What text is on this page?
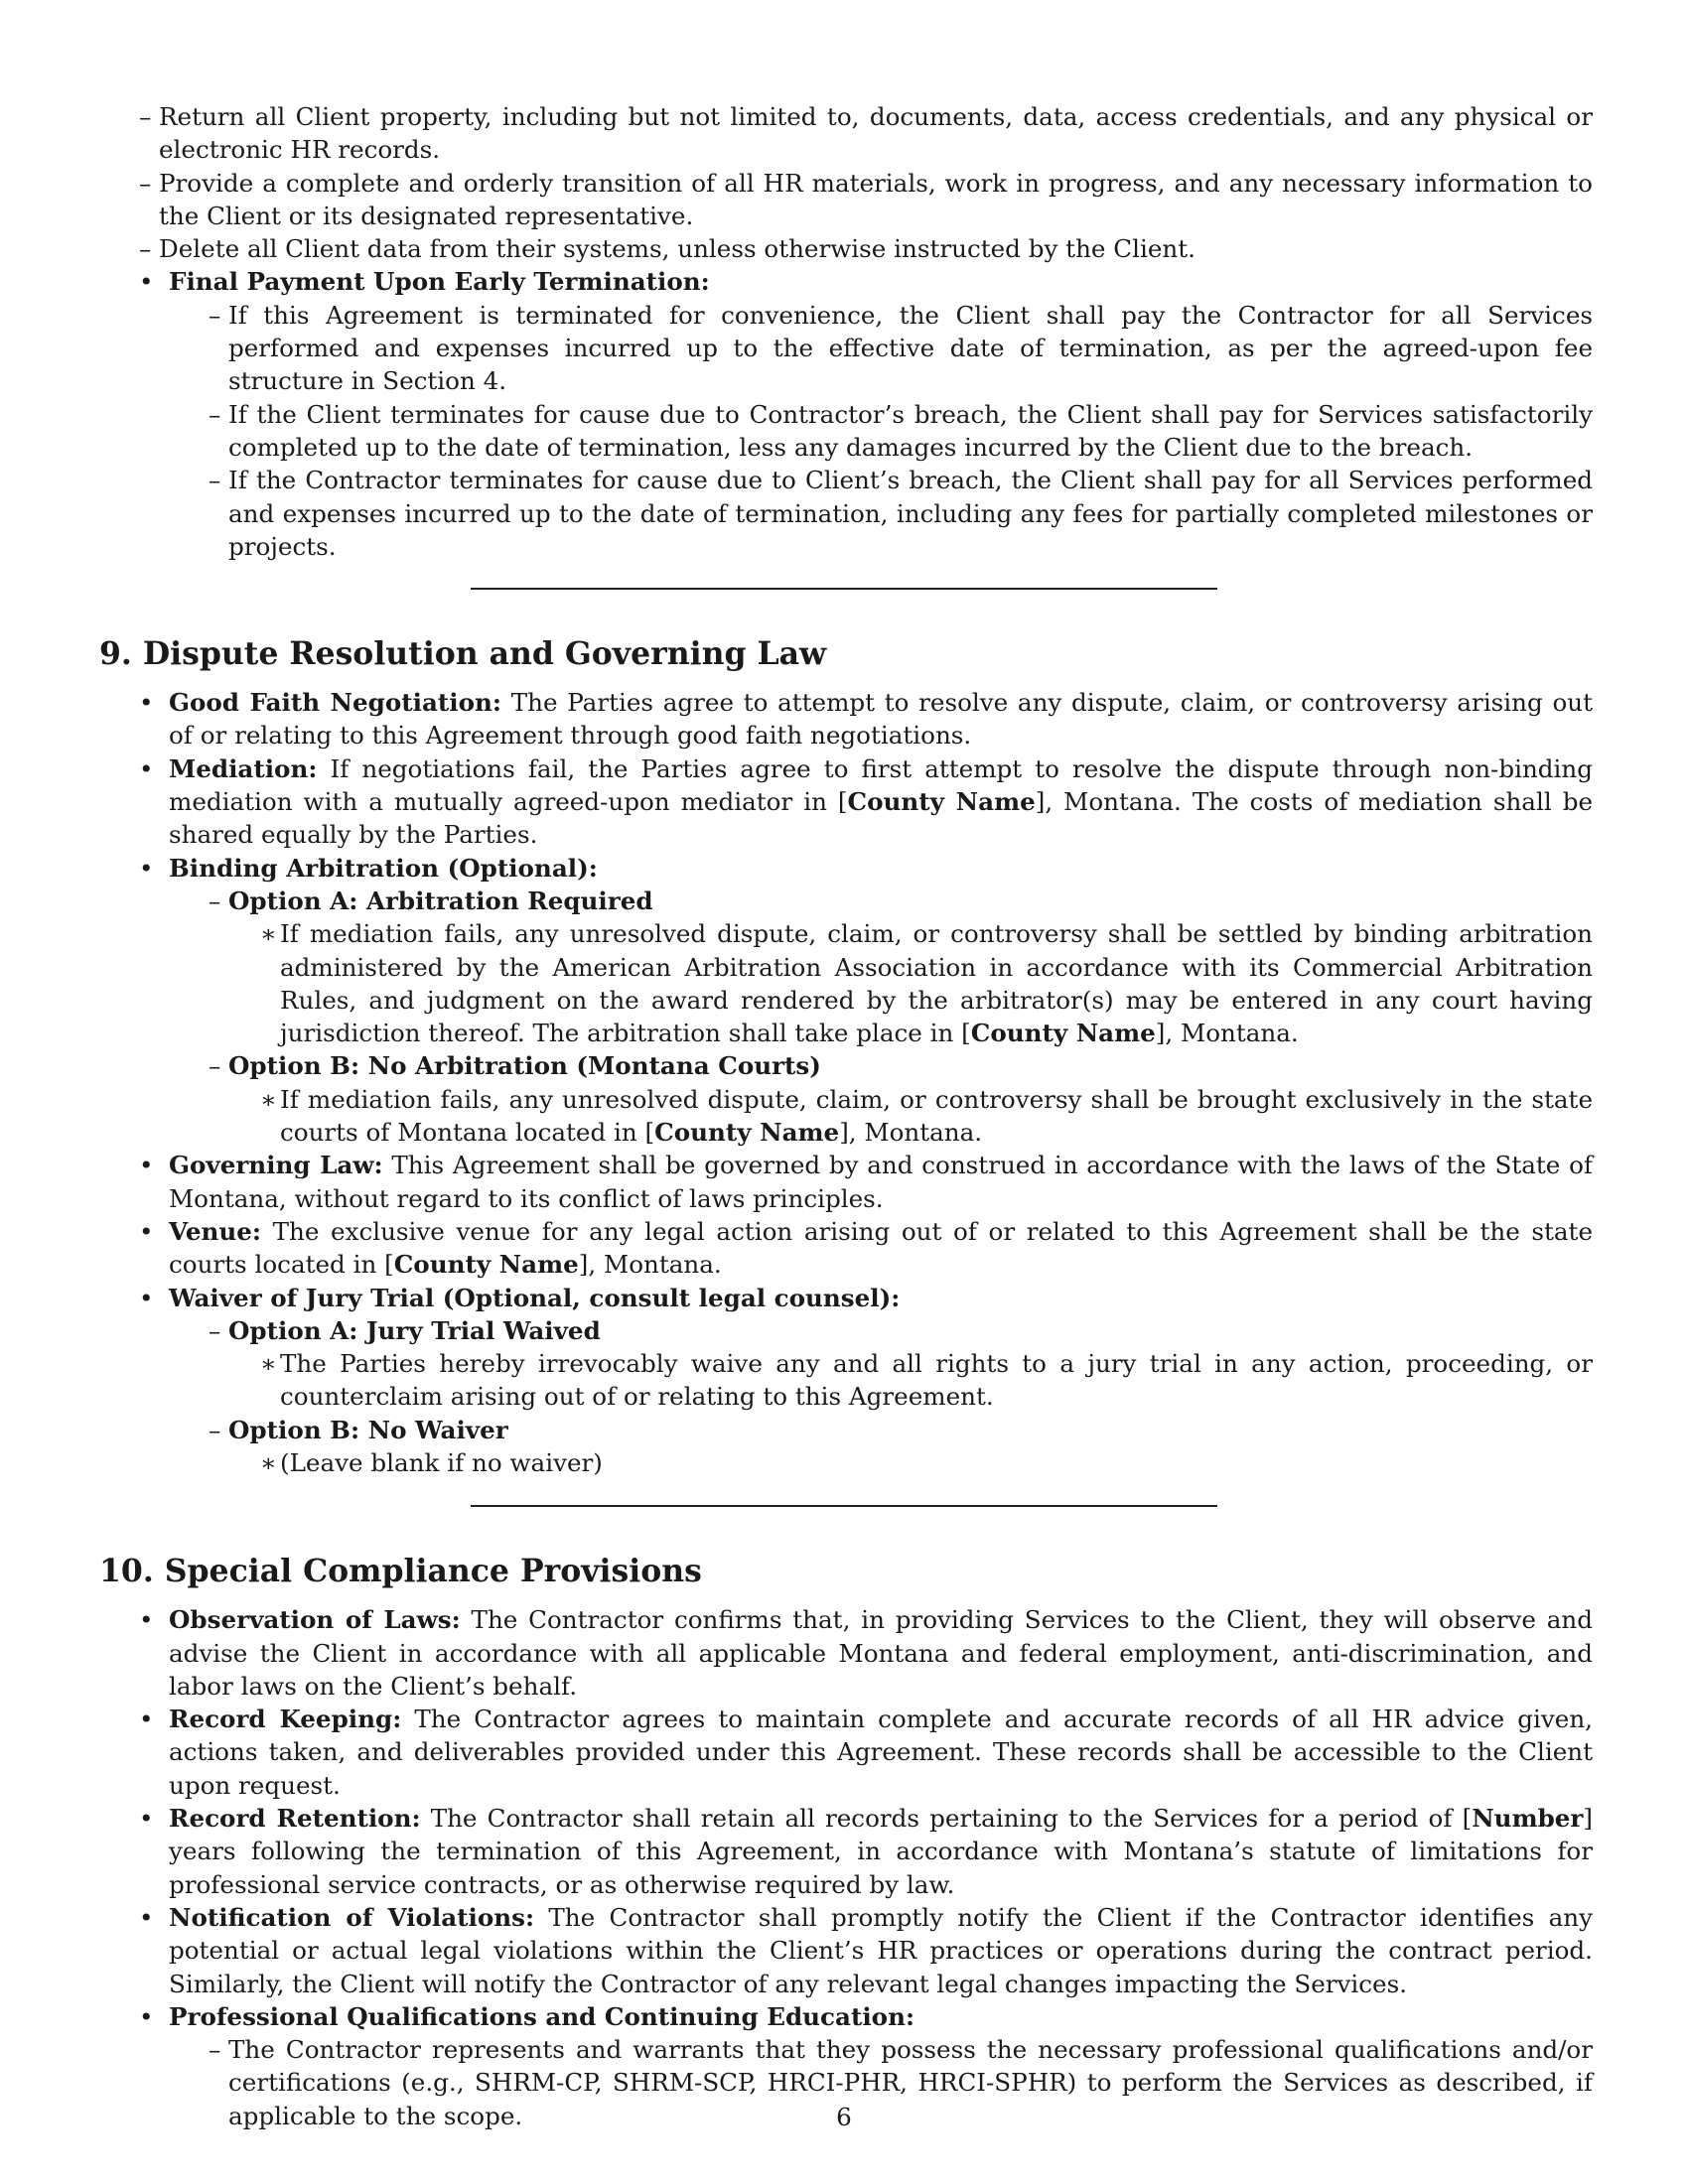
– Return all Client property, including but not limited to, documents, data, access credentials, and any physical or electronic HR records.
– Provide a complete and orderly transition of all HR materials, work in progress, and any necessary information to the Client or its designated representative.
– Delete all Client data from their systems, unless otherwise instructed by the Client.
• Final Payment Upon Early Termination:
– If this Agreement is terminated for convenience, the Client shall pay the Contractor for all Services performed and expenses incurred up to the effective date of termination, as per the agreed-upon fee structure in Section 4.
– If the Client terminates for cause due to Contractor’s breach, the Client shall pay for Services satisfactorily completed up to the date of termination, less any damages incurred by the Client due to the breach.
– If the Contractor terminates for cause due to Client’s breach, the Client shall pay for all Services performed and expenses incurred up to the date of termination, including any fees for partially completed milestones or projects.
9. Dispute Resolution and Governing Law
• Good Faith Negotiation: The Parties agree to attempt to resolve any dispute, claim, or controversy arising out of or relating to this Agreement through good faith negotiations.
• Mediation: If negotiations fail, the Parties agree to first attempt to resolve the dispute through non-binding mediation with a mutually agreed-upon mediator in [County Name], Montana. The costs of mediation shall be shared equally by the Parties.
• Binding Arbitration (Optional):
– Option A: Arbitration Required
∗ If mediation fails, any unresolved dispute, claim, or controversy shall be settled by binding arbitration administered by the American Arbitration Association in accordance with its Commercial Arbitration Rules, and judgment on the award rendered by the arbitrator(s) may be entered in any court having jurisdiction thereof. The arbitration shall take place in [County Name], Montana.
– Option B: No Arbitration (Montana Courts)
∗ If mediation fails, any unresolved dispute, claim, or controversy shall be brought exclusively in the state courts of Montana located in [County Name], Montana.
• Governing Law: This Agreement shall be governed by and construed in accordance with the laws of the State of Montana, without regard to its conflict of laws principles.
• Venue: The exclusive venue for any legal action arising out of or related to this Agreement shall be the state courts located in [County Name], Montana.
• Waiver of Jury Trial (Optional, consult legal counsel):
– Option A: Jury Trial Waived
∗ The Parties hereby irrevocably waive any and all rights to a jury trial in any action, proceeding, or counterclaim arising out of or relating to this Agreement.
– Option B: No Waiver
∗ (Leave blank if no waiver)
10. Special Compliance Provisions
• Observation of Laws: The Contractor confirms that, in providing Services to the Client, they will observe and advise the Client in accordance with all applicable Montana and federal employment, anti-discrimination, and labor laws on the Client’s behalf.
• Record Keeping: The Contractor agrees to maintain complete and accurate records of all HR advice given, actions taken, and deliverables provided under this Agreement. These records shall be accessible to the Client upon request.
• Record Retention: The Contractor shall retain all records pertaining to the Services for a period of [Number] years following the termination of this Agreement, in accordance with Montana’s statute of limitations for professional service contracts, or as otherwise required by law.
• Notification of Violations: The Contractor shall promptly notify the Client if the Contractor identifies any potential or actual legal violations within the Client’s HR practices or operations during the contract period. Similarly, the Client will notify the Contractor of any relevant legal changes impacting the Services.
• Professional Qualifications and Continuing Education:
– The Contractor represents and warrants that they possess the necessary professional qualifications and/or certifications (e.g., SHRM-CP, SHRM-SCP, HRCI-PHR, HRCI-SPHR) to perform the Services as described, if applicable to the scope.	6
